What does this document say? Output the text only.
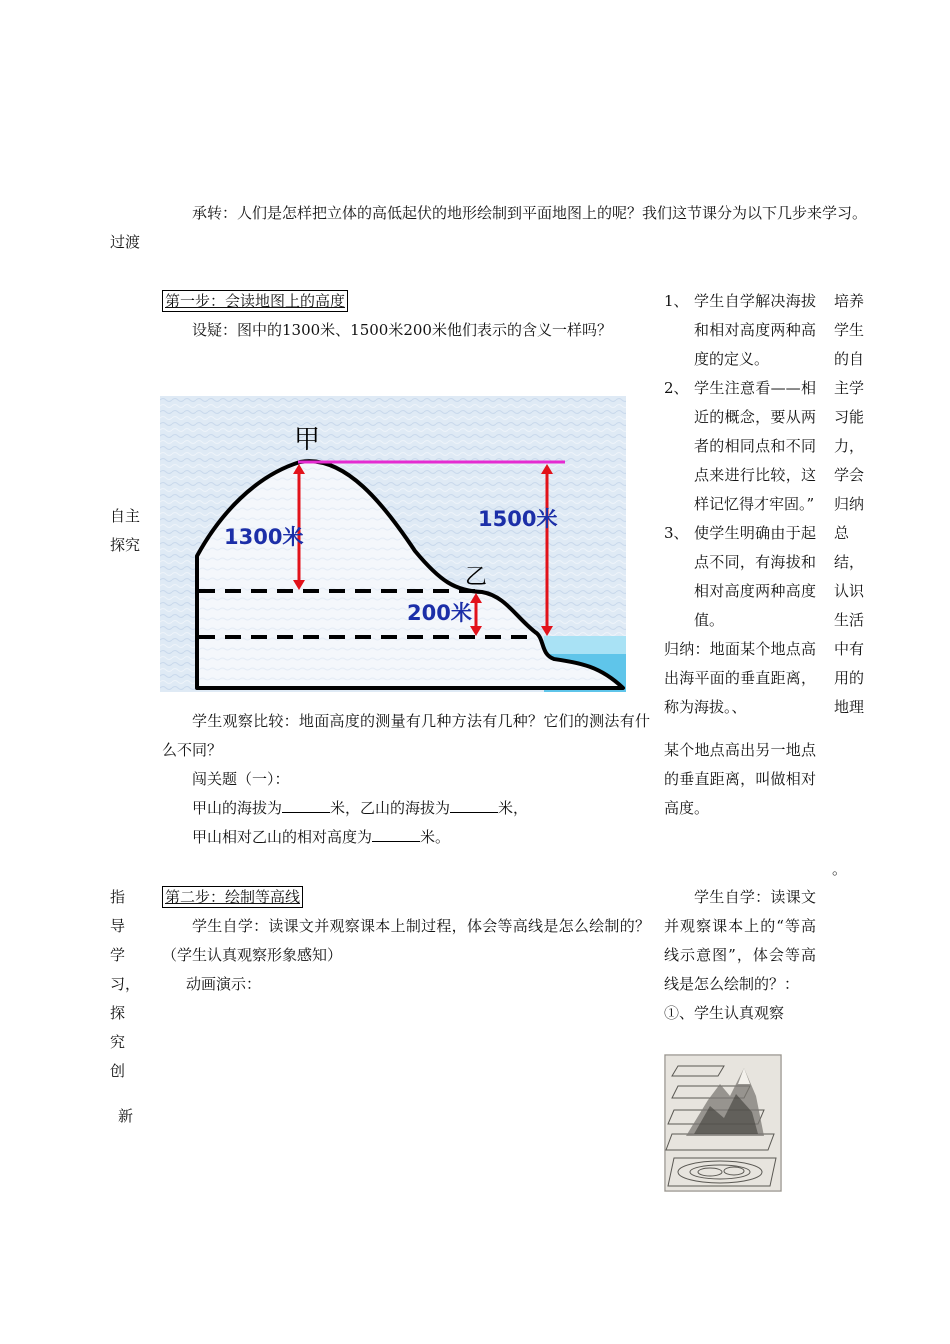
过渡
承转：人们是怎样把立体的高低起伏的地形绘制到平面地图上的呢？我们这节课分为以下几步来学习。
自主
探究
第一步：会读地图上的高度
设疑：图中的1300米、1500米200米他们表示的含义一样吗？
甲
乙
1300米
1500米
200米
学生观察比较：地面高度的测量有几种方法有几种？它们的测法有什么不同？
闯关题（一）：
甲山的海拔为	米，乙山的海拔为	米，
甲山相对乙山的相对高度为	米。
1、 学生自学解决海拔和相对高度两种高度的定义。
2、 学生注意看——相近的概念，要从两者的相同点和不同点来进行比较，这样记忆得才牢固。”
3、 使学生明确由于起点不同，有海拔和相对高度两种高度值。
归纳：地面某个地点高出海平面的垂直距离，称为海拔。、
某个地点高出另一地点的垂直距离，叫做相对高度。
。
培养
学生
的自
主学
习能
力，
学会
归纳
总
结，
认识
生活
中有
用的
地理
指
导
学
习，
探
究
创
新
第二步：绘制等高线
学生自学：读课文并观察课本上制过程，体会等高线是怎么绘制的？（学生认真观察形象感知）
动画演示：
学生自学：读课文并观察课本上的“等高线示意图”，体会等高线是怎么绘制的？：
①、学生认真观察
